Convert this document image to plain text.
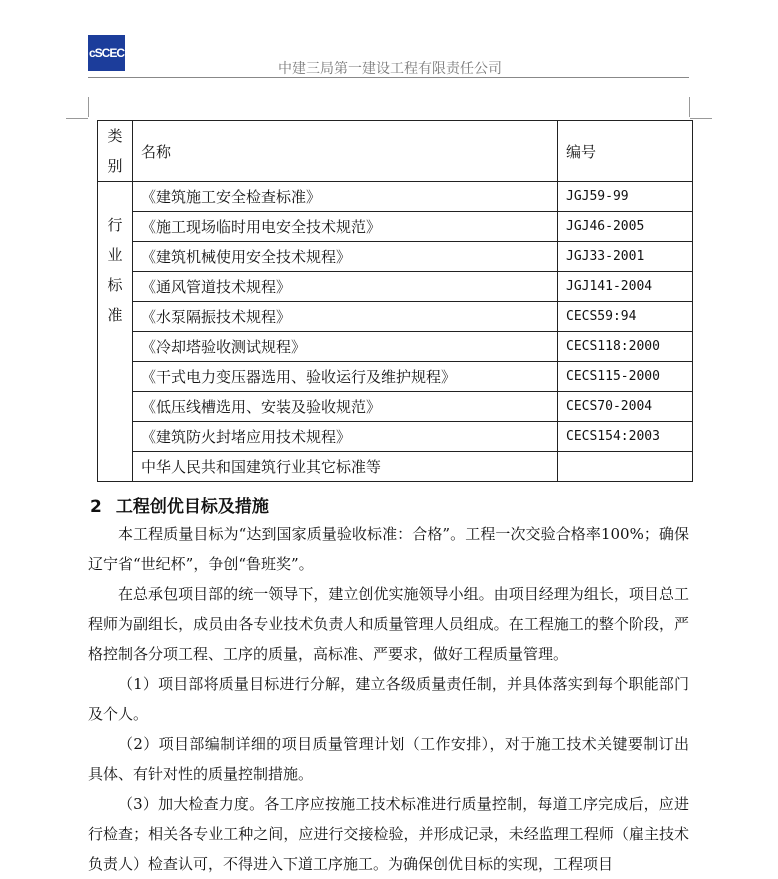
cSCEC
中建三局第一建设工程有限责任公司
类别	名称	编号
行业标准	《建筑施工安全检查标准》	JGJ59-99
	《施工现场临时用电安全技术规范》	JGJ46-2005
	《建筑机械使用安全技术规程》	JGJ33-2001
	《通风管道技术规程》	JGJ141-2004
	《水泵隔振技术规程》	CECS59:94
	《冷却塔验收测试规程》	CECS118:2000
	《干式电力变压器选用、验收运行及维护规程》	CECS115-2000
	《低压线槽选用、安装及验收规范》	CECS70-2004
	《建筑防火封堵应用技术规程》	CECS154:2003
	中华人民共和国建筑行业其它标准等	
2 工程创优目标及措施

本工程质量目标为“达到国家质量验收标准：合格”。工程一次交验合格率100%；确保辽宁省“世纪杯”，争创“鲁班奖”。

在总承包项目部的统一领导下，建立创优实施领导小组。由项目经理为组长，项目总工程师为副组长，成员由各专业技术负责人和质量管理人员组成。在工程施工的整个阶段，严格控制各分项工程、工序的质量，高标准、严要求，做好工程质量管理。

（1）项目部将质量目标进行分解，建立各级质量责任制，并具体落实到每个职能部门及个人。

（2）项目部编制详细的项目质量管理计划（工作安排），对于施工技术关键要制订出具体、有针对性的质量控制措施。

（3）加大检查力度。各工序应按施工技术标准进行质量控制，每道工序完成后，应进行检查；相关各专业工种之间，应进行交接检验，并形成记录，未经监理工程师（雇主技术负责人）检查认可，不得进入下道工序施工。为确保创优目标的实现，工程项目
